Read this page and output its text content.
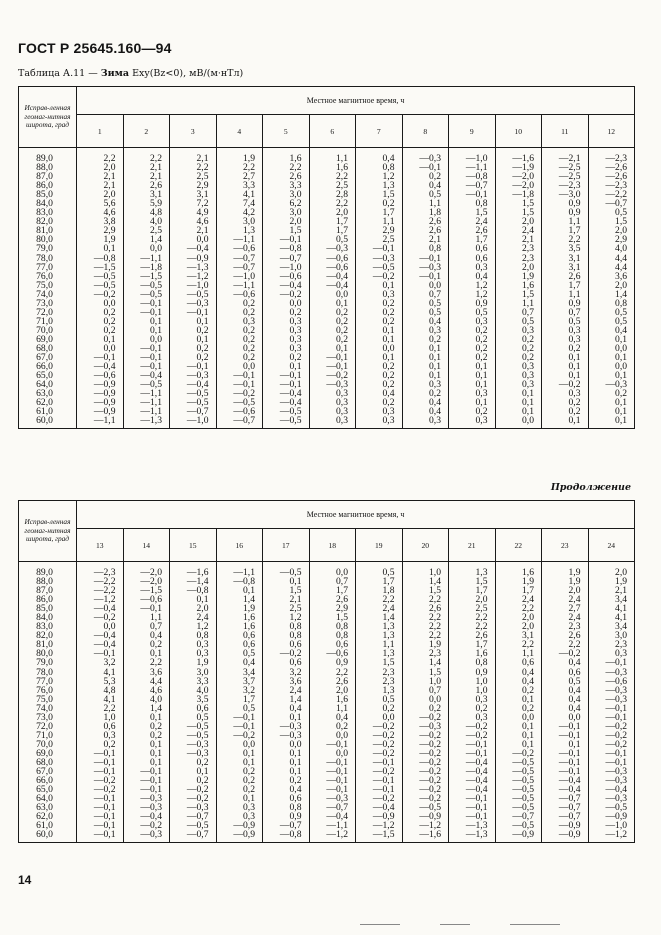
ГОСТ Р 25645.160—94
Таблица А.11 — Зима Exy(Bz<0), мВ/(м·нТл)
Исправ-ленная геомаг-нитная широта, град	Местное магнитное время, ч											
	1	2	3	4	5	6	7	8	9	10	11	12
89,0	2,2	2,2	2,1	1,9	1,6	1,1	0,4	—0,3	—1,0	—1,6	—2,1	—2,3
88,0	2,0	2,1	2,2	2,2	2,2	1,6	0,8	—0,1	—1,1	—1,9	—2,5	—2,6
87,0	2,1	2,1	2,5	2,7	2,6	2,2	1,2	0,2	—0,8	—2,0	—2,5	—2,6
86,0	2,1	2,6	2,9	3,3	3,3	2,5	1,3	0,4	—0,7	—2,0	—2,3	—2,3
85,0	2,0	3,1	3,1	4,1	3,0	2,8	1,5	0,5	—0,1	—1,8	—3,0	—2,2
84,0	5,6	5,9	7,2	7,4	6,2	2,2	0,2	1,1	0,8	1,5	0,9	—0,7
83,0	4,6	4,8	4,9	4,2	3,0	2,0	1,7	1,8	1,5	1,5	0,9	0,5
82,0	3,8	4,0	4,6	3,0	2,0	1,7	1,1	2,6	2,4	2,0	1,1	1,5
81,0	2,9	2,5	2,1	1,3	1,5	1,7	2,9	2,6	2,6	2,4	1,7	2,0
80,0	1,9	1,4	0,0	—1,1	—0,1	0,5	2,5	2,1	1,7	2,1	2,2	2,9
79,0	0,1	0,0	—0,4	—0,6	—0,8	—0,3	—0,1	0,8	0,6	2,3	3,5	4,0
78,0	—0,8	—1,1	—0,9	—0,7	—0,7	—0,6	—0,3	—0,1	0,6	2,3	3,1	4,4
77,0	—1,5	—1,8	—1,3	—0,7	—1,0	—0,6	—0,5	—0,3	0,3	2,0	3,1	4,4
76,0	—0,5	—1,5	—1,2	—1,0	—0,6	—0,4	—0,2	—0,1	0,4	1,9	2,6	3,6
75,0	—0,5	—0,5	—1,0	—1,1	—0,4	—0,4	0,1	0,0	1,2	1,6	1,7	2,0
74,0	—0,2	—0,5	—0,5	—0,6	—0,2	0,0	0,3	0,7	1,2	1,5	1,1	1,4
73,0	0,0	—0,1	—0,3	0,2	0,0	0,1	0,2	0,5	0,9	1,1	0,9	0,8
72,0	0,2	—0,1	—0,1	0,2	0,2	0,2	0,2	0,5	0,5	0,7	0,7	0,5
71,0	0,2	0,1	0,1	0,3	0,3	0,2	0,2	0,4	0,3	0,5	0,5	0,5
70,0	0,2	0,1	0,2	0,2	0,3	0,2	0,1	0,3	0,2	0,3	0,3	0,4
69,0	0,1	0,0	0,1	0,2	0,3	0,2	0,1	0,2	0,2	0,2	0,3	0,1
68,0	0,0	—0,1	0,2	0,2	0,3	0,1	0,0	0,1	0,2	0,2	0,2	0,0
67,0	—0,1	—0,1	0,2	0,2	0,2	—0,1	0,1	0,1	0,2	0,2	0,1	0,1
66,0	—0,4	—0,1	—0,1	0,0	0,1	—0,1	0,2	0,1	0,1	0,3	0,1	0,0
65,0	—0,6	—0,4	—0,3	—0,1	—0,1	—0,2	0,2	0,1	0,1	0,3	0,1	0,1
64,0	—0,9	—0,5	—0,4	—0,1	—0,1	—0,3	0,2	0,3	0,1	0,3	—0,2	—0,3
63,0	—0,9	—1,1	—0,5	—0,2	—0,4	0,3	0,4	0,2	0,3	0,1	0,3	0,2
62,0	—0,9	—1,1	—0,5	—0,5	—0,4	0,3	0,2	0,4	0,1	0,1	0,2	0,1
61,0	—0,9	—1,1	—0,7	—0,6	—0,5	0,3	0,3	0,4	0,2	0,1	0,2	0,1
60,0	—1,1	—1,3	—1,0	—0,7	—0,5	0,3	0,3	0,3	0,3	0,0	0,1	0,1
Продолжение
Исправ-ленная геомаг-нитная широта, град	Местное магнитное время, ч											
	13	14	15	16	17	18	19	20	21	22	23	24
89,0	—2,3	—2,0	—1,6	—1,1	—0,5	0,0	0,5	1,0	1,3	1,6	1,9	2,0
88,0	—2,2	—2,0	—1,4	—0,8	0,1	0,7	1,7	1,4	1,5	1,9	1,9	1,9
87,0	—2,2	—1,5	—0,8	0,1	1,5	1,7	1,8	1,5	1,7	1,7	2,0	2,1
86,0	—1,2	—0,6	0,1	1,4	2,1	2,6	2,2	2,2	2,0	2,4	2,4	3,4
85,0	—0,4	—0,1	2,0	1,9	2,5	2,9	2,4	2,6	2,5	2,2	2,7	4,1
84,0	—0,2	1,1	2,4	1,6	1,2	1,5	1,4	2,2	2,2	2,0	2,4	4,1
83,0	0,0	0,7	1,2	1,6	0,8	0,8	1,3	2,2	2,2	2,0	2,3	3,4
82,0	—0,4	0,4	0,8	0,6	0,8	0,8	1,3	2,2	2,6	3,1	2,6	3,0
81,0	—0,4	0,2	0,3	0,6	0,6	0,6	1,1	1,9	1,7	2,2	2,2	2,3
80,0	—0,1	0,1	0,3	0,5	—0,2	—0,6	1,3	2,3	1,6	1,1	—0,2	0,3
79,0	3,2	2,2	1,9	0,4	0,6	0,9	1,5	1,4	0,8	0,6	0,4	—0,1
78,0	4,1	3,6	3,0	3,4	3,2	2,2	2,3	1,5	0,9	0,4	0,6	—0,3
77,0	5,3	4,4	3,3	3,7	3,6	2,6	2,3	1,0	1,0	0,4	0,5	—0,6
76,0	4,8	4,6	4,0	3,2	2,4	2,0	1,3	0,7	1,0	0,2	0,4	—0,3
75,0	4,1	4,0	3,5	1,7	1,4	1,6	0,5	0,0	0,3	0,1	0,4	—0,3
74,0	2,2	1,4	0,6	0,5	0,4	1,1	0,2	0,2	0,2	0,2	0,4	—0,1
73,0	1,0	0,1	0,5	—0,1	0,1	0,4	0,0	—0,2	0,3	0,0	0,0	—0,1
72,0	0,6	0,2	—0,5	—0,1	—0,3	0,2	—0,2	—0,3	—0,2	0,1	—0,1	—0,2
71,0	0,3	0,2	—0,5	—0,2	—0,3	0,0	—0,2	—0,2	—0,2	0,1	—0,1	—0,2
70,0	0,2	0,1	—0,3	0,0	0,0	—0,1	—0,2	—0,2	—0,1	0,1	0,1	—0,2
69,0	—0,1	0,1	—0,3	0,1	0,1	0,0	—0,2	—0,2	—0,1	—0,2	—0,1	—0,1
68,0	—0,1	0,1	0,2	0,1	0,1	—0,1	—0,1	—0,2	—0,4	—0,5	—0,1	—0,1
67,0	—0,1	—0,1	0,1	0,2	0,1	—0,1	—0,2	—0,2	—0,4	—0,5	—0,1	—0,3
66,0	—0,2	—0,1	0,2	0,2	0,2	—0,1	—0,1	—0,2	—0,4	—0,5	—0,4	—0,3
65,0	—0,2	—0,1	—0,2	0,2	0,4	—0,1	—0,1	—0,2	—0,4	—0,5	—0,4	—0,4
64,0	—0,1	—0,3	—0,2	0,1	0,6	—0,3	—0,2	—0,2	—0,1	—0,5	—0,7	—0,3
63,0	—0,1	—0,3	—0,3	0,3	0,8	—0,7	—0,4	—0,5	—0,1	—0,5	—0,7	—0,5
62,0	—0,1	—0,4	—0,7	0,3	0,9	—0,4	—0,9	—0,9	—0,1	—0,7	—0,7	—0,9
61,0	—0,1	—0,2	—0,5	—0,9	—0,7	—1,1	—1,2	—1,2	—1,3	—0,5	—0,9	—1,0
60,0	—0,1	—0,3	—0,7	—0,9	—0,8	—1,2	—1,5	—1,6	—1,3	—0,9	—0,9	—1,2
14
